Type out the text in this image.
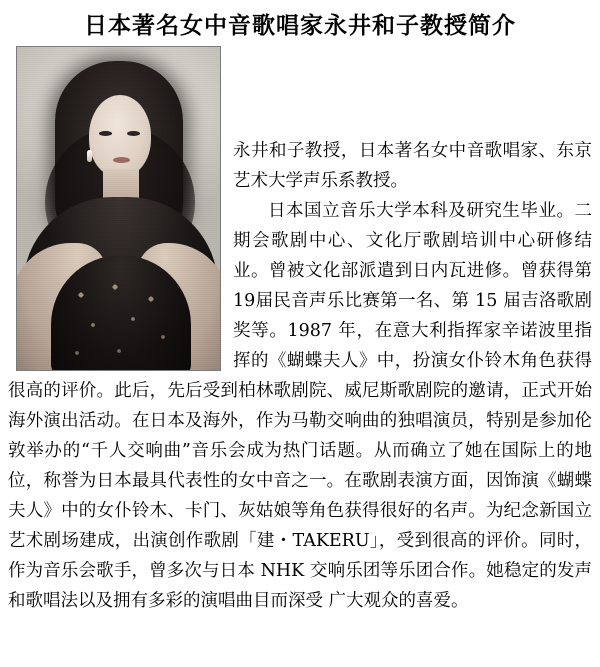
日本著名女中音歌唱家永井和子教授简介

永井和子教授，日本著名女中音歌唱家、东京艺术大学声乐系教授。

日本国立音乐大学本科及研究生毕业。二期会歌剧中心、文化厅歌剧培训中心研修结业。曾被文化部派遣到日内瓦进修。曾获得第19届民音声乐比赛第一名、第 15 届吉洛歌剧奖等。1987 年，在意大利指挥家辛诺波里指挥的《蝴蝶夫人》中，扮演女仆铃木角色获得很高的评价。此后，先后受到柏林歌剧院、威尼斯歌剧院的邀请，正式开始海外演出活动。在日本及海外，作为马勒交响曲的独唱演员，特别是参加伦敦举办的“千人交响曲”音乐会成为热门话题。从而确立了她在国际上的地位，称誉为日本最具代表性的女中音之一。在歌剧表演方面，因饰演《蝴蝶夫人》中的女仆铃木、卡门、灰姑娘等角色获得很好的名声。为纪念新国立艺术剧场建成，出演创作歌剧「建・TAKERU」，受到很高的评价。同时，作为音乐会歌手，曾多次与日本 NHK 交响乐团等乐团合作。她稳定的发声和歌唱法以及拥有多彩的演唱曲目而深受 广大观众的喜爱。
